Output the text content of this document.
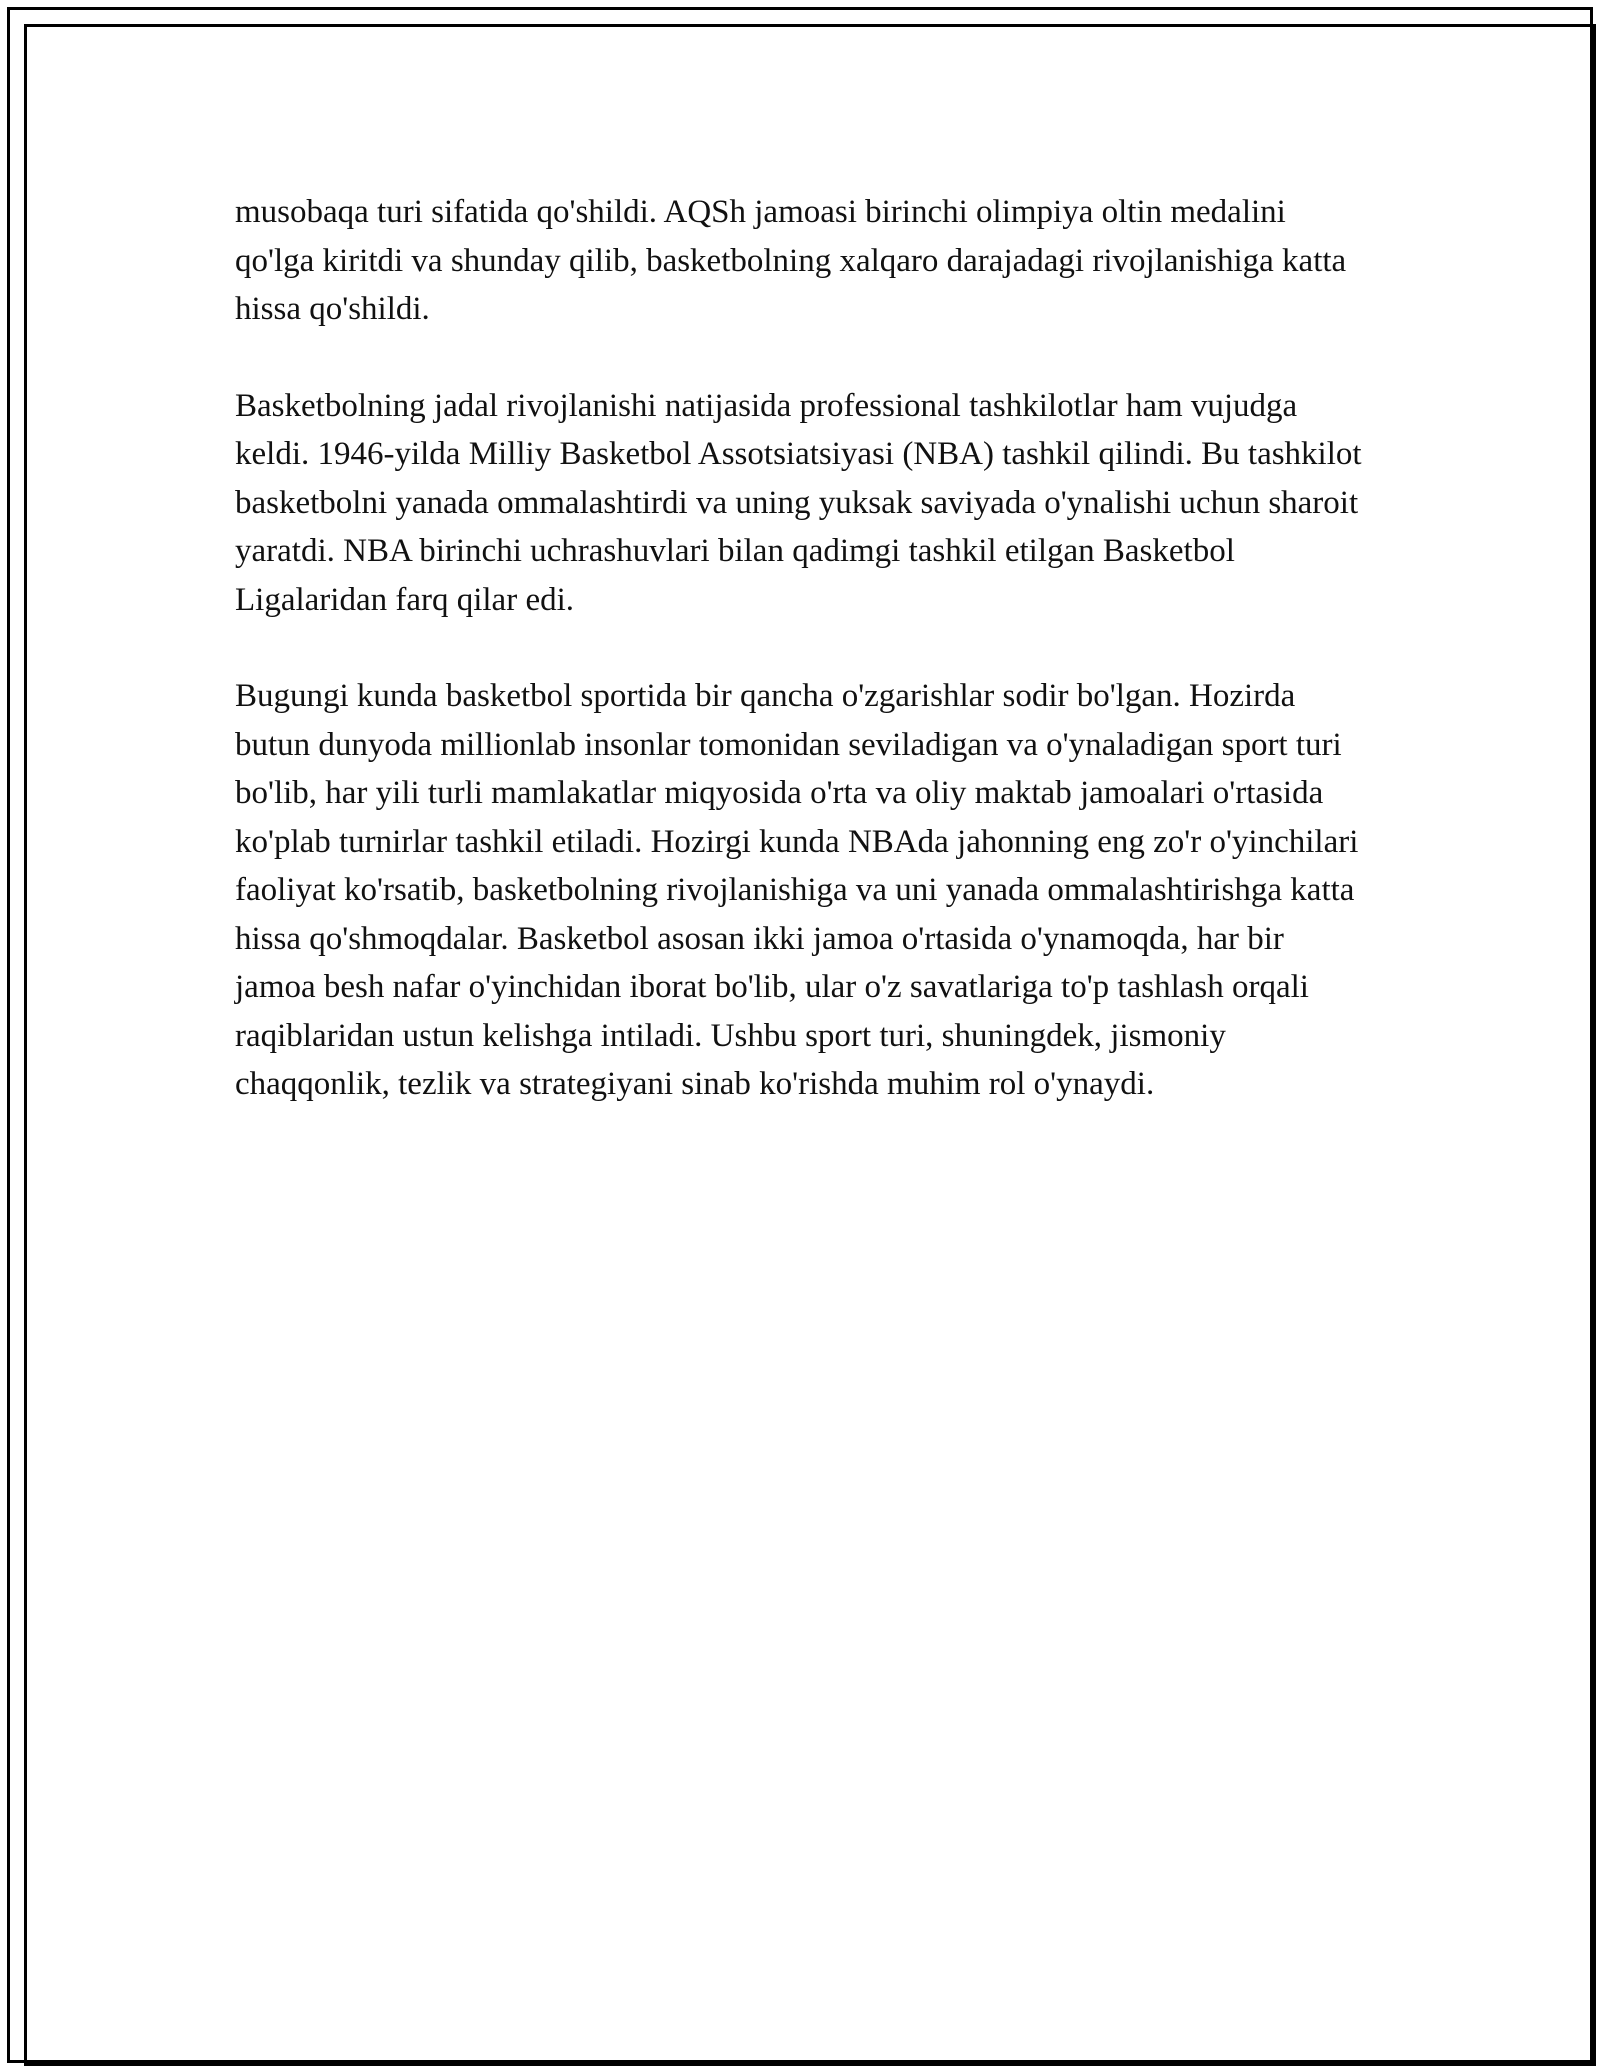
musobaqa turi sifatida qo'shildi. AQSh jamoasi birinchi olimpiya oltin medalini qo'lga kiritdi va shunday qilib, basketbolning xalqaro darajadagi rivojlanishiga katta hissa qo'shildi.

Basketbolning jadal rivojlanishi natijasida professional tashkilotlar ham vujudga keldi. 1946-yilda Milliy Basketbol Assotsiatsiyasi (NBA) tashkil qilindi. Bu tashkilot basketbolni yanada ommalashtirdi va uning yuksak saviyada o'ynalishi uchun sharoit yaratdi. NBA birinchi uchrashuvlari bilan qadimgi tashkil etilgan Basketbol Ligalaridan farq qilar edi.

Bugungi kunda basketbol sportida bir qancha o'zgarishlar sodir bo'lgan. Hozirda butun dunyoda millionlab insonlar tomonidan seviladigan va o'ynaladigan sport turi bo'lib, har yili turli mamlakatlar miqyosida o'rta va oliy maktab jamoalari o'rtasida ko'plab turnirlar tashkil etiladi. Hozirgi kunda NBAda jahonning eng zo'r o'yinchilari faoliyat ko'rsatib, basketbolning rivojlanishiga va uni yanada ommalashtirishga katta hissa qo'shmoqdalar. Basketbol asosan ikki jamoa o'rtasida o'ynamoqda, har bir jamoa besh nafar o'yinchidan iborat bo'lib, ular o'z savatlariga to'p tashlash orqali raqiblaridan ustun kelishga intiladi. Ushbu sport turi, shuningdek, jismoniy chaqqonlik, tezlik va strategiyani sinab ko'rishda muhim rol o'ynaydi.
